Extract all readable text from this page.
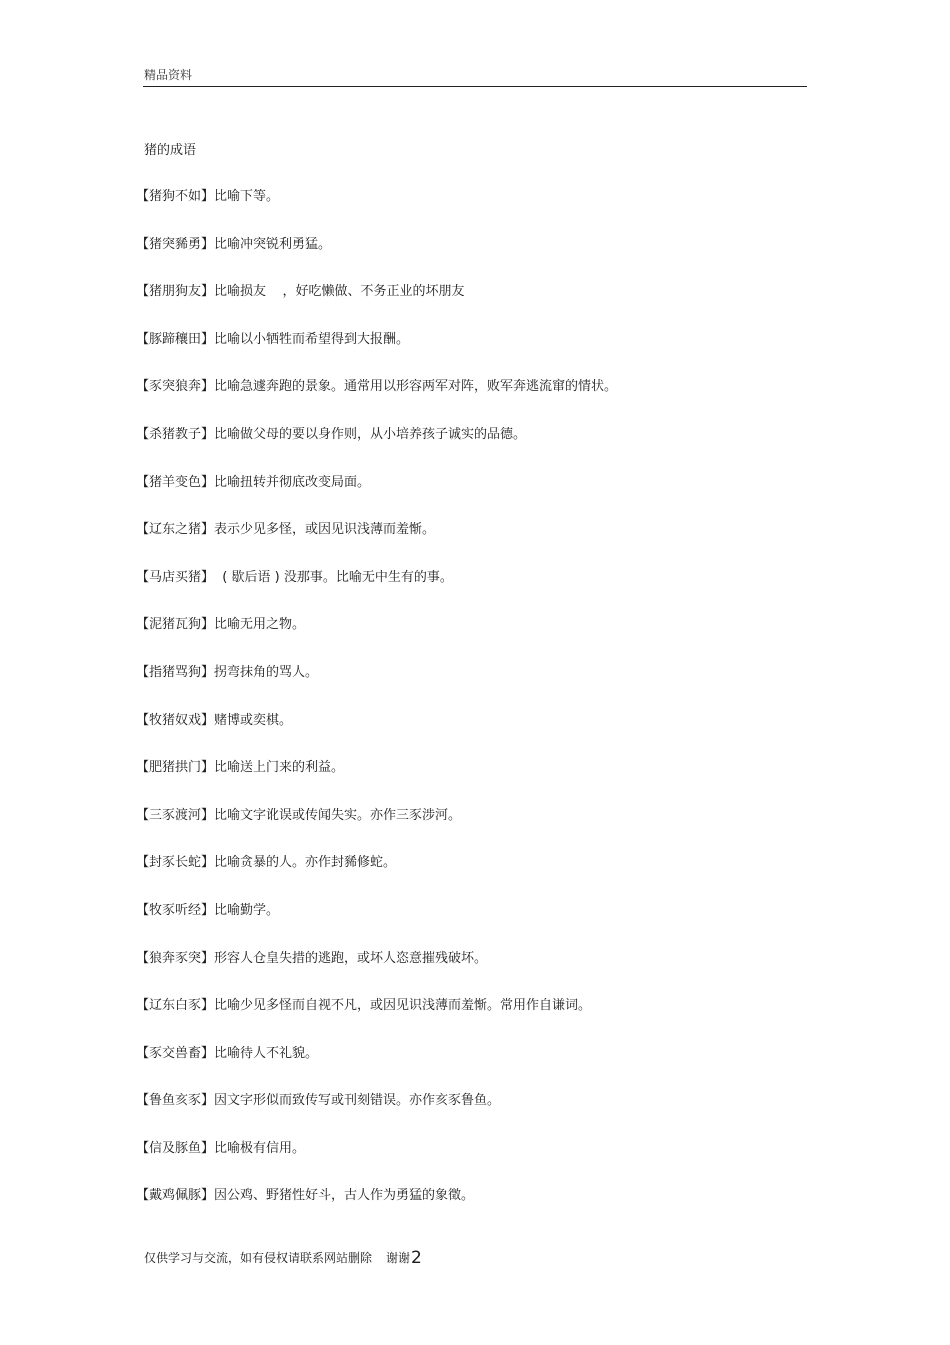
精品资料
猪的成语
【猪狗不如】比喻下等。
【猪突豨勇】比喻冲突锐利勇猛。
【猪朋狗友】比喻损友    ，好吃懒做、不务正业的坏朋友
【豚蹄穰田】比喻以小牺牲而希望得到大报酬。
【豕突狼奔】比喻急遽奔跑的景象。通常用以形容两军对阵，败军奔逃流窜的情状。
【杀猪教子】比喻做父母的要以身作则，从小培养孩子诚实的品德。
【猪羊变色】比喻扭转并彻底改变局面。
【辽东之猪】表示少见多怪，或因见识浅薄而羞惭。
【马店买猪】  ( 歇后语 ) 没那事。比喻无中生有的事。
【泥猪瓦狗】比喻无用之物。
【指猪骂狗】拐弯抹角的骂人。
【牧猪奴戏】赌博或奕棋。
【肥猪拱门】比喻送上门来的利益。
【三豕渡河】比喻文字讹误或传闻失实。亦作三豕涉河。
【封豕长蛇】比喻贪暴的人。亦作封豨修蛇。
【牧豕听经】比喻勤学。
【狼奔豕突】形容人仓皇失措的逃跑，或坏人恣意摧残破坏。
【辽东白豕】比喻少见多怪而自视不凡，或因见识浅薄而羞惭。常用作自谦词。
【豕交兽畜】比喻待人不礼貌。
【鲁鱼亥豕】因文字形似而致传写或刊刻错误。亦作亥豕鲁鱼。
【信及豚鱼】比喻极有信用。
【戴鸡佩豚】因公鸡、野猪性好斗，古人作为勇猛的象徵。
仅供学习与交流，如有侵权请联系网站删除 谢谢2
